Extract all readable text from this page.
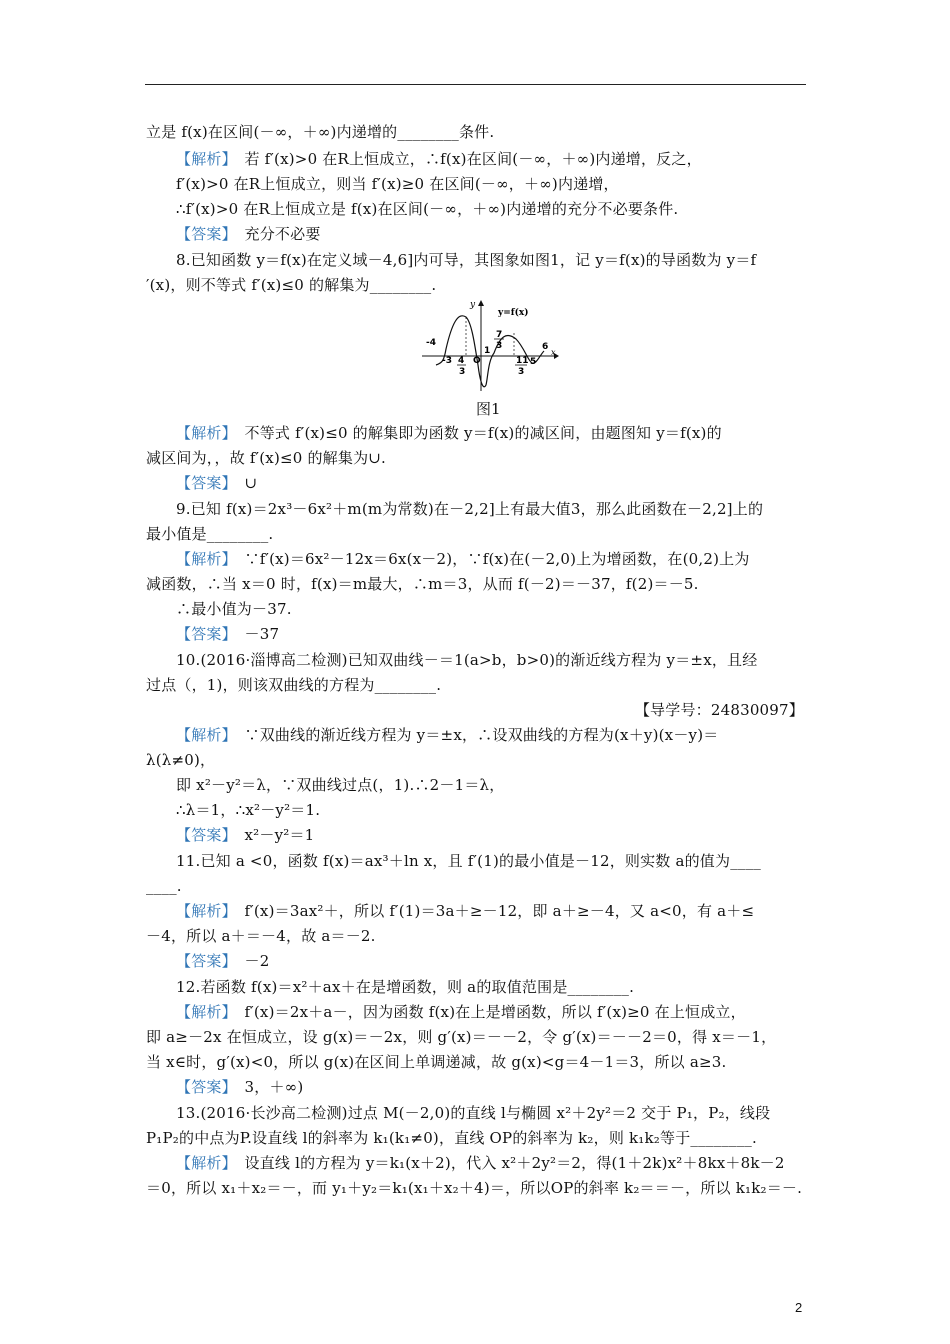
立是 f(x)在区间(－∞，＋∞)内递增的________条件.
【解析】　若 f′(x)>0 在R上恒成立，∴f(x)在区间(－∞，＋∞)内递增，反之，
f′(x)>0 在R上恒成立，则当 f′(x)≥0 在区间(－∞，＋∞)内递增，
∴f′(x)>0 在R上恒成立是 f(x)在区间(－∞，＋∞)内递增的充分不必要条件.
【答案】　充分不必要
8.已知函数 y＝f(x)在定义域－4,6]内可导，其图象如图1，记 y＝f(x)的导函数为 y＝f
′(x)，则不等式 f′(x)≤0 的解集为________.
【解析】　不等式 f′(x)≤0 的解集即为函数 y＝f(x)的减区间，由题图知 y＝f(x)的
减区间为，，故 f′(x)≤0 的解集为∪.
【答案】　∪
9.已知 f(x)＝2x³－6x²＋m(m为常数)在－2,2]上有最大值3，那么此函数在－2,2]上的
最小值是________.
【解析】　∵f′(x)＝6x²－12x＝6x(x－2)，∵f(x)在(－2,0)上为增函数，在(0,2)上为
减函数，∴当 x＝0 时，f(x)＝m最大，∴m＝3，从而 f(－2)＝－37，f(2)＝－5.
∴最小值为－37.
【答案】　－37
10.(2016·淄博高二检测)已知双曲线－＝1(a>b，b>0)的渐近线方程为 y＝±x，且经
过点（，1)，则该双曲线的方程为________.
【导学号：24830097】
【解析】　∵双曲线的渐近线方程为 y＝±x，∴设双曲线的方程为(x＋y)(x－y)＝
λ(λ≠0)，
即 x²－y²＝λ，∵双曲线过点(，1).∴2－1＝λ，
∴λ＝1，∴x²－y²＝1.
【答案】　x²－y²＝1
11.已知 a <0，函数 f(x)＝ax³＋ln x，且 f′(1)的最小值是－12，则实数 a的值为____
____.
【解析】　f′(x)＝3ax²＋，所以 f′(1)＝3a＋≥－12，即 a＋≥－4，又 a<0，有 a＋≤
－4，所以 a＋＝－4，故 a＝－2.
【答案】　－2
12.若函数 f(x)＝x²＋ax＋在是增函数，则 a的取值范围是________.
【解析】　f′(x)＝2x＋a－，因为函数 f(x)在上是增函数，所以 f′(x)≥0 在上恒成立，
即 a≥－2x 在恒成立，设 g(x)＝－2x，则 g′(x)＝－－2，令 g′(x)＝－－2＝0，得 x＝－1，
当 x∈时，g′(x)<0，所以 g(x)在区间上单调递减，故 g(x)<g＝4－1＝3，所以 a≥3.
【答案】　3，＋∞)
13.(2016·长沙高二检测)过点 M(－2,0)的直线 l与椭圆 x²＋2y²＝2 交于 P₁，P₂，线段
P₁P₂的中点为P.设直线 l的斜率为 k₁(k₁≠0)，直线 OP的斜率为 k₂，则 k₁k₂等于________.
【解析】　设直线 l的方程为 y＝k₁(x＋2)，代入 x²＋2y²＝2，得(1＋2k)x²＋8kx＋8k－2
＝0，所以 x₁＋x₂＝－，而 y₁＋y₂＝k₁(x₁＋x₂＋4)＝，所以OP的斜率 k₂＝＝－，所以 k₁k₂＝－.
y
x
y=f(x)
-4
-3 4
3
O
1
7
3	6
11
3
5
图1
2
